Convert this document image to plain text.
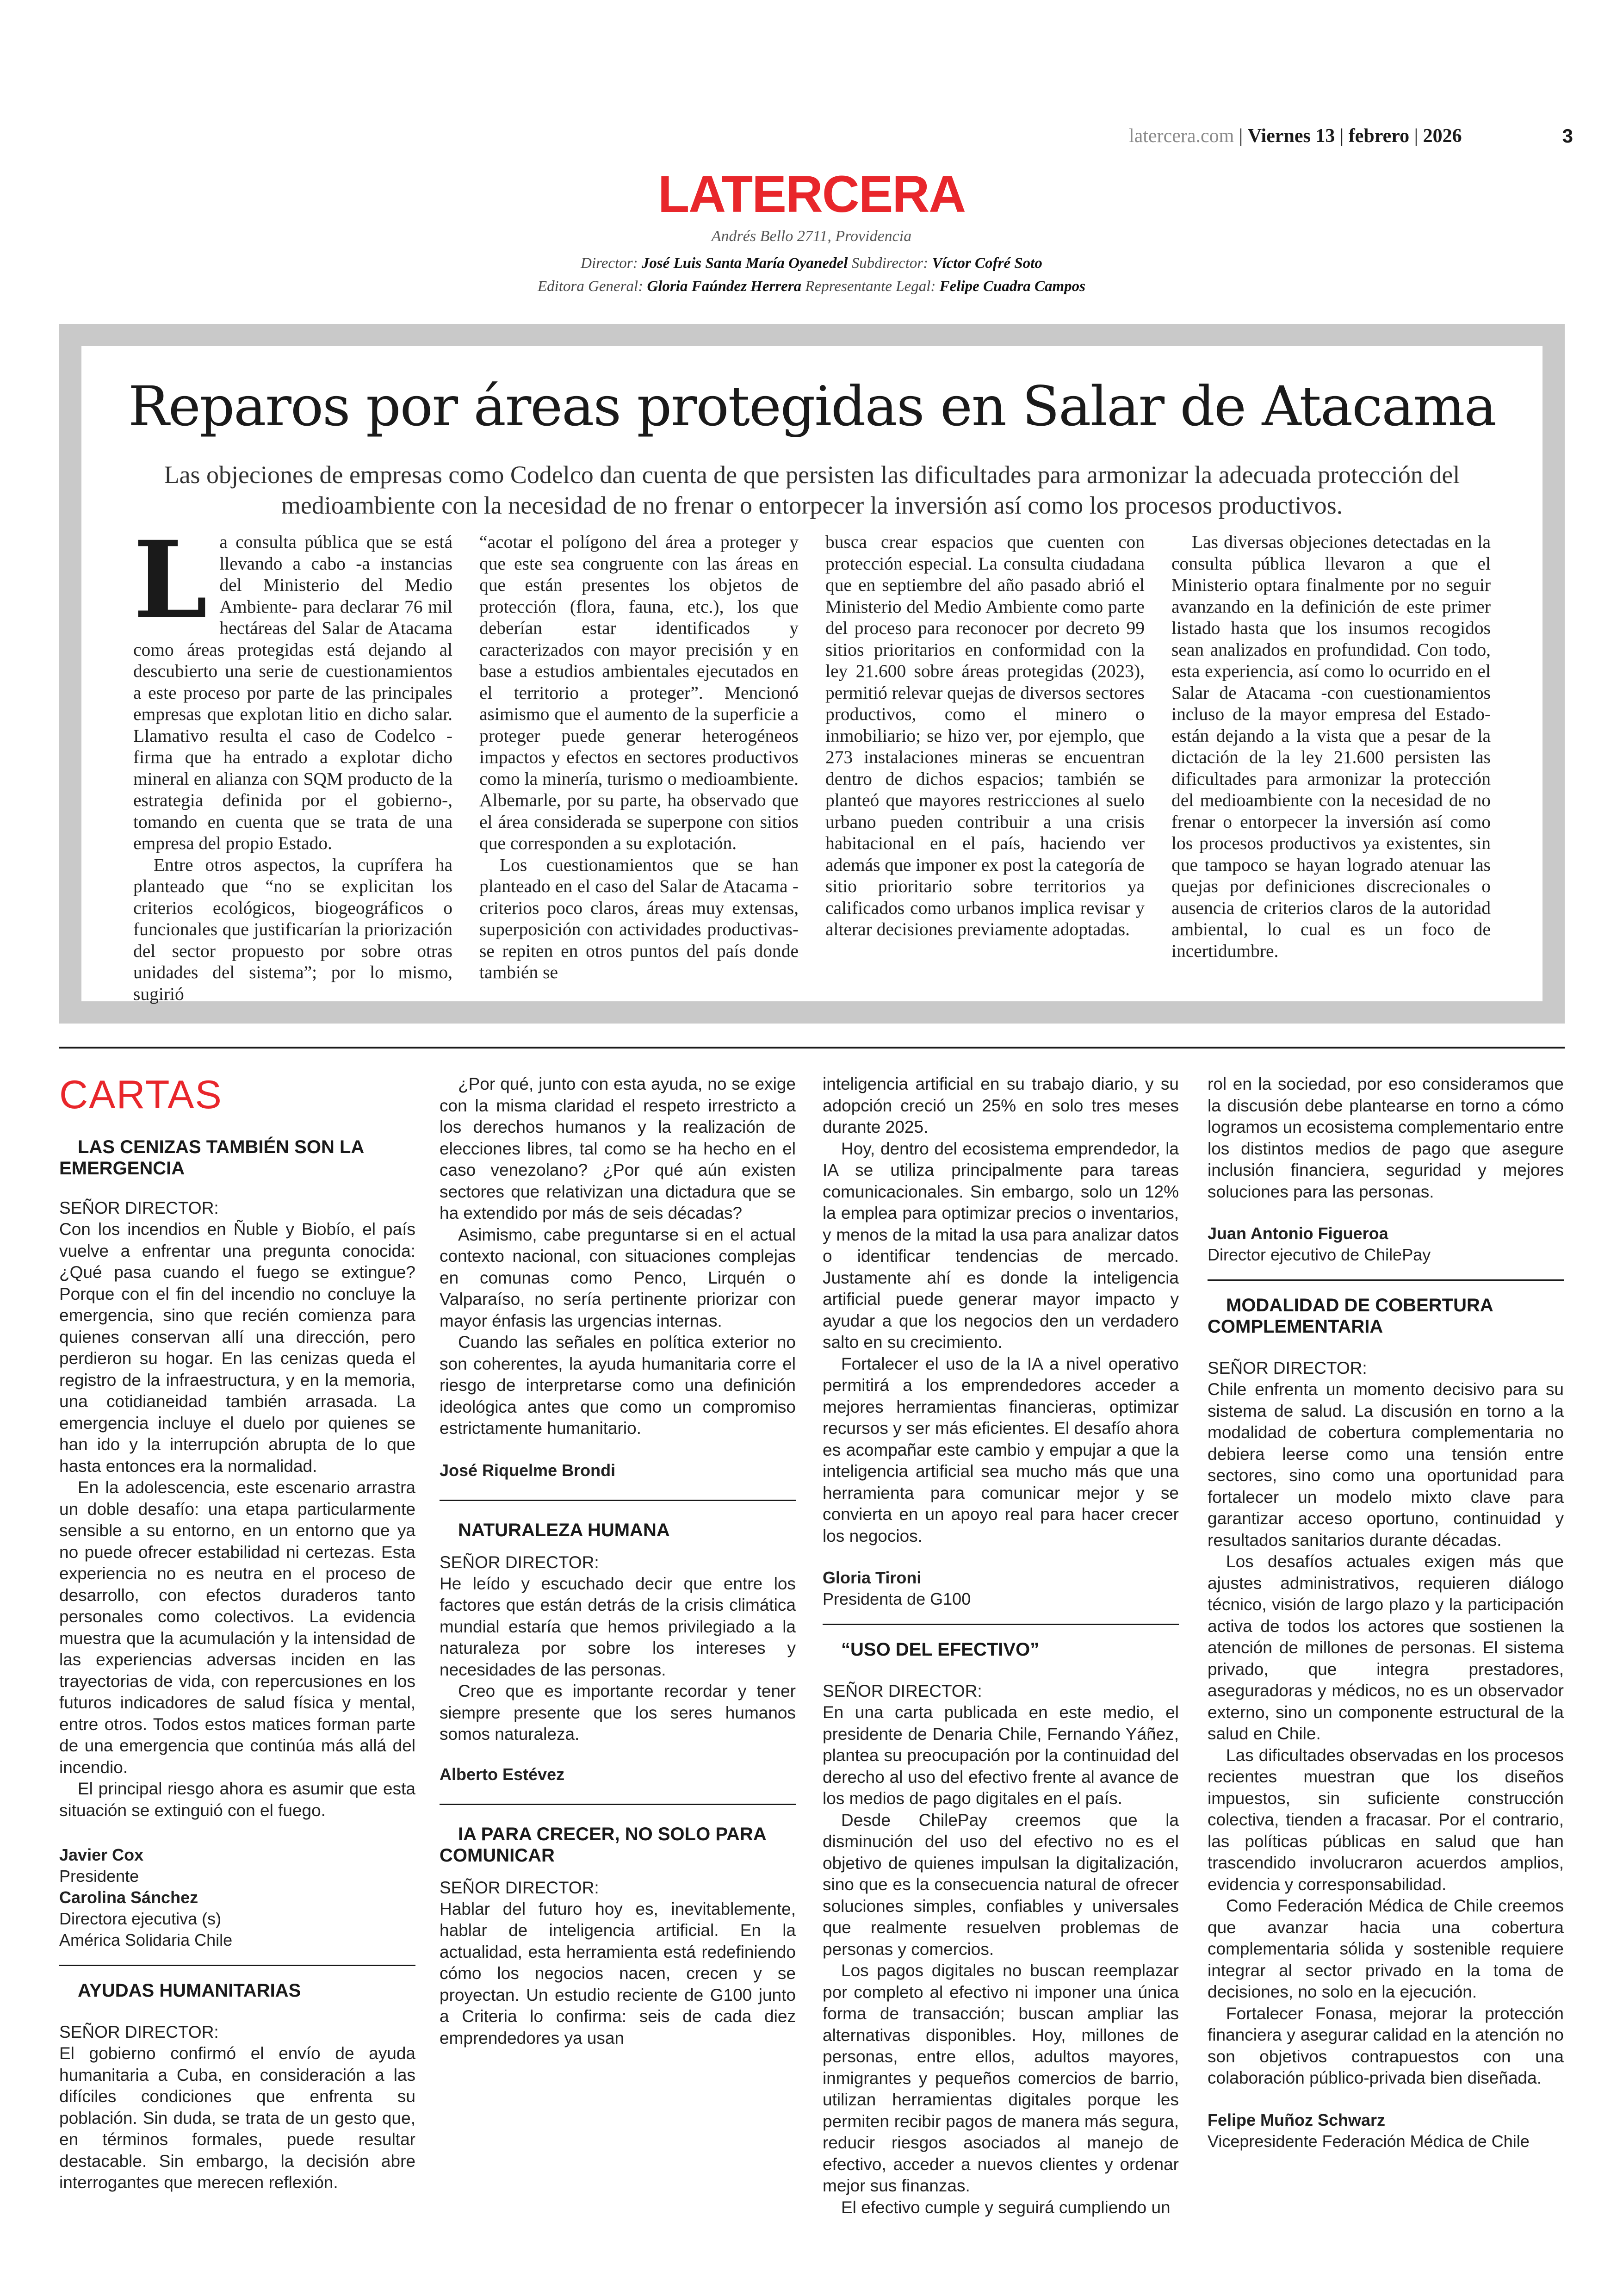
latercera.com | Viernes 13 | febrero | 2026	3
LATERCERA
Andrés Bello 2711, Providencia
Director: José Luis Santa María Oyanedel Subdirector: Víctor Cofré Soto
Editora General: Gloria Faúndez Herrera Representante Legal: Felipe Cuadra Campos
Reparos por áreas protegidas en Salar de Atacama
Las objeciones de empresas como Codelco dan cuenta de que persisten las dificultades para armonizar la adecuada protección del medioambiente con la necesidad de no frenar o entorpecer la inversión así como los procesos productivos.

La consulta pública que se está llevando a cabo -a instancias del Ministerio del Medio Ambiente- para declarar 76 mil hectáreas del Salar de Atacama como áreas protegidas está dejando al descubierto una serie de cuestionamientos a este proceso por parte de las principales empresas que explotan litio en dicho salar. Llamativo resulta el caso de Codelco -firma que ha entrado a explotar dicho mineral en alianza con SQM producto de la estrategia definida por el gobierno-, tomando en cuenta que se trata de una empresa del propio Estado.

Entre otros aspectos, la cuprífera ha planteado que “no se explicitan los criterios ecológicos, biogeográficos o funcionales que justificarían la priorización del sector propuesto por sobre otras unidades del sistema”; por lo mismo, sugirió

“acotar el polígono del área a proteger y que este sea congruente con las áreas en que están presentes los objetos de protección (flora, fauna, etc.), los que deberían estar identificados y caracterizados con mayor precisión y en base a estudios ambientales ejecutados en el territorio a proteger”. Mencionó asimismo que el aumento de la superficie a proteger puede generar heterogéneos impactos y efectos en sectores productivos como la minería, turismo o medioambiente. Albemarle, por su parte, ha observado que el área considerada se superpone con sitios que corresponden a su explotación.

Los cuestionamientos que se han planteado en el caso del Salar de Atacama -criterios poco claros, áreas muy extensas, superposición con actividades productivas- se repiten en otros puntos del país donde también se

busca crear espacios que cuenten con protección especial. La consulta ciudadana que en septiembre del año pasado abrió el Ministerio del Medio Ambiente como parte del proceso para reconocer por decreto 99 sitios prioritarios en conformidad con la ley 21.600 sobre áreas protegidas (2023), permitió relevar quejas de diversos sectores productivos, como el minero o inmobiliario; se hizo ver, por ejemplo, que 273 instalaciones mineras se encuentran dentro de dichos espacios; también se planteó que mayores restricciones al suelo urbano pueden contribuir a una crisis habitacional en el país, haciendo ver además que imponer ex post la categoría de sitio prioritario sobre territorios ya calificados como urbanos implica revisar y alterar decisiones previamente adoptadas.

Las diversas objeciones detectadas en la consulta pública llevaron a que el Ministerio optara finalmente por no seguir avanzando en la definición de este primer listado hasta que los insumos recogidos sean analizados en profundidad. Con todo, esta experiencia, así como lo ocurrido en el Salar de Atacama -con cuestionamientos incluso de la mayor empresa del Estado- están dejando a la vista que a pesar de la dictación de la ley 21.600 persisten las dificultades para armonizar la protección del medioambiente con la necesidad de no frenar o entorpecer la inversión así como los procesos productivos ya existentes, sin que tampoco se hayan logrado atenuar las quejas por definiciones discrecionales o ausencia de criterios claros de la autoridad ambiental, lo cual es un foco de incertidumbre.

CARTAS

LAS CENIZAS TAMBIÉN SON LA EMERGENCIA

SEÑOR DIRECTOR:

Con los incendios en Ñuble y Biobío, el país vuelve a enfrentar una pregunta conocida: ¿Qué pasa cuando el fuego se extingue? Porque con el fin del incendio no concluye la emergencia, sino que recién comienza para quienes conservan allí una dirección, pero perdieron su hogar. En las cenizas queda el registro de la infraestructura, y en la memoria, una cotidianeidad también arrasada. La emergencia incluye el duelo por quienes se han ido y la interrupción abrupta de lo que hasta entonces era la normalidad.

En la adolescencia, este escenario arrastra un doble desafío: una etapa particularmente sensible a su entorno, en un entorno que ya no puede ofrecer estabilidad ni certezas. Esta experiencia no es neutra en el proceso de desarrollo, con efectos duraderos tanto personales como colectivos. La evidencia muestra que la acumulación y la intensidad de las experiencias adversas inciden en las trayectorias de vida, con repercusiones en los futuros indicadores de salud física y mental, entre otros. Todos estos matices forman parte de una emergencia que continúa más allá del incendio.

El principal riesgo ahora es asumir que esta situación se extinguió con el fuego.

Javier Cox

Presidente

Carolina Sánchez

Directora ejecutiva (s)

América Solidaria Chile

AYUDAS HUMANITARIAS

SEÑOR DIRECTOR:

El gobierno confirmó el envío de ayuda humanitaria a Cuba, en consideración a las difíciles condiciones que enfrenta su población. Sin duda, se trata de un gesto que, en términos formales, puede resultar destacable. Sin embargo, la decisión abre interrogantes que merecen reflexión.

¿Por qué, junto con esta ayuda, no se exige con la misma claridad el respeto irrestricto a los derechos humanos y la realización de elecciones libres, tal como se ha hecho en el caso venezolano? ¿Por qué aún existen sectores que relativizan una dictadura que se ha extendido por más de seis décadas?

Asimismo, cabe preguntarse si en el actual contexto nacional, con situaciones complejas en comunas como Penco, Lirquén o Valparaíso, no sería pertinente priorizar con mayor énfasis las urgencias internas.

Cuando las señales en política exterior no son coherentes, la ayuda humanitaria corre el riesgo de interpretarse como una definición ideológica antes que como un compromiso estrictamente humanitario.

José Riquelme Brondi

NATURALEZA HUMANA

SEÑOR DIRECTOR:

He leído y escuchado decir que entre los factores que están detrás de la crisis climática mundial estaría que hemos privilegiado a la naturaleza por sobre los intereses y necesidades de las personas.

Creo que es importante recordar y tener siempre presente que los seres humanos somos naturaleza.

Alberto Estévez

IA PARA CRECER, NO SOLO PARA COMUNICAR

SEÑOR DIRECTOR:

Hablar del futuro hoy es, inevitablemente, hablar de inteligencia artificial. En la actualidad, esta herramienta está redefiniendo cómo los negocios nacen, crecen y se proyectan. Un estudio reciente de G100 junto a Criteria lo confirma: seis de cada diez emprendedores ya usan

inteligencia artificial en su trabajo diario, y su adopción creció un 25% en solo tres meses durante 2025.

Hoy, dentro del ecosistema emprendedor, la IA se utiliza principalmente para tareas comunicacionales. Sin embargo, solo un 12% la emplea para optimizar precios o inventarios, y menos de la mitad la usa para analizar datos o identificar tendencias de mercado. Justamente ahí es donde la inteligencia artificial puede generar mayor impacto y ayudar a que los negocios den un verdadero salto en su crecimiento.

Fortalecer el uso de la IA a nivel operativo permitirá a los emprendedores acceder a mejores herramientas financieras, optimizar recursos y ser más eficientes. El desafío ahora es acompañar este cambio y empujar a que la inteligencia artificial sea mucho más que una herramienta para comunicar mejor y se convierta en un apoyo real para hacer crecer los negocios.

Gloria Tironi

Presidenta de G100

“USO DEL EFECTIVO”

SEÑOR DIRECTOR:

En una carta publicada en este medio, el presidente de Denaria Chile, Fernando Yáñez, plantea su preocupación por la continuidad del derecho al uso del efectivo frente al avance de los medios de pago digitales en el país.

Desde ChilePay creemos que la disminución del uso del efectivo no es el objetivo de quienes impulsan la digitalización, sino que es la consecuencia natural de ofrecer soluciones simples, confiables y universales que realmente resuelven problemas de personas y comercios.

Los pagos digitales no buscan reemplazar por completo al efectivo ni imponer una única forma de transacción; buscan ampliar las alternativas disponibles. Hoy, millones de personas, entre ellos, adultos mayores, inmigrantes y pequeños comercios de barrio, utilizan herramientas digitales porque les permiten recibir pagos de manera más segura, reducir riesgos asociados al manejo de efectivo, acceder a nuevos clientes y ordenar mejor sus finanzas.

El efectivo cumple y seguirá cumpliendo un

rol en la sociedad, por eso consideramos que la discusión debe plantearse en torno a cómo logramos un ecosistema complementario entre los distintos medios de pago que asegure inclusión financiera, seguridad y mejores soluciones para las personas.

Juan Antonio Figueroa

Director ejecutivo de ChilePay

MODALIDAD DE COBERTURA COMPLEMENTARIA

SEÑOR DIRECTOR:

Chile enfrenta un momento decisivo para su sistema de salud. La discusión en torno a la modalidad de cobertura complementaria no debiera leerse como una tensión entre sectores, sino como una oportunidad para fortalecer un modelo mixto clave para garantizar acceso oportuno, continuidad y resultados sanitarios durante décadas.

Los desafíos actuales exigen más que ajustes administrativos, requieren diálogo técnico, visión de largo plazo y la participación activa de todos los actores que sostienen la atención de millones de personas. El sistema privado, que integra prestadores, aseguradoras y médicos, no es un observador externo, sino un componente estructural de la salud en Chile.

Las dificultades observadas en los procesos recientes muestran que los diseños impuestos, sin suficiente construcción colectiva, tienden a fracasar. Por el contrario, las políticas públicas en salud que han trascendido involucraron acuerdos amplios, evidencia y corresponsabilidad.

Como Federación Médica de Chile creemos que avanzar hacia una cobertura complementaria sólida y sostenible requiere integrar al sector privado en la toma de decisiones, no solo en la ejecución.

Fortalecer Fonasa, mejorar la protección financiera y asegurar calidad en la atención no son objetivos contrapuestos con una colaboración público-privada bien diseñada.

Felipe Muñoz Schwarz

Vicepresidente Federación Médica de Chile
